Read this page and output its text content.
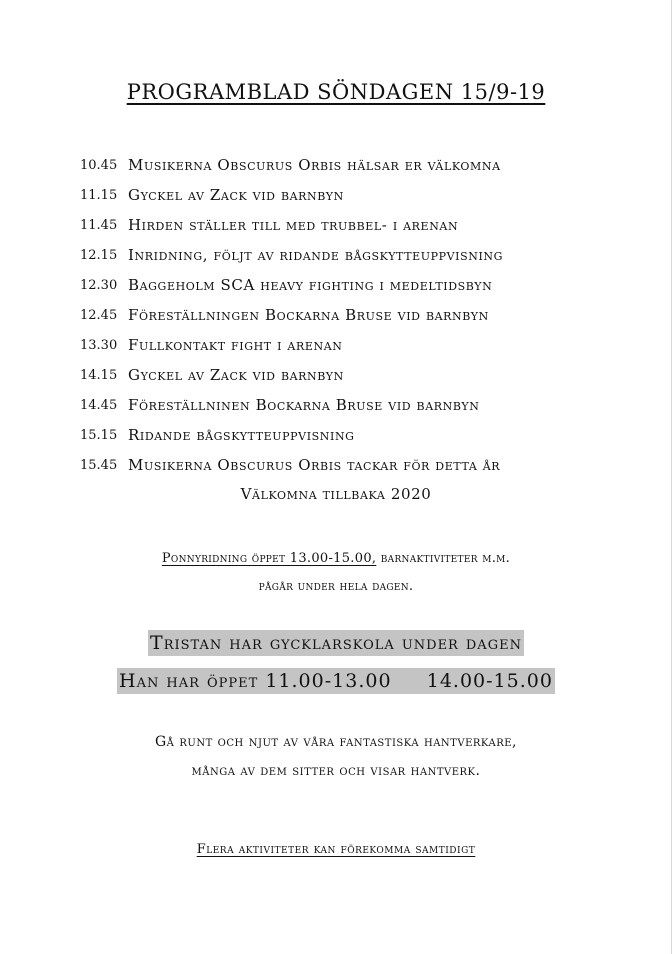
PROGRAMBLAD SÖNDAGEN 15/9-19
10.45 Musikerna Obscurus Orbis hälsar er välkomna
11.15 Gyckel av Zack vid barnbyn
11.45 Hirden ställer till med trubbel- i arenan
12.15 Inridning, följt av ridande bågskytteuppvisning
12.30 Baggeholm SCA heavy fighting i medeltidsbyn
12.45 Föreställningen Bockarna Bruse vid barnbyn
13.30 Fullkontakt fight i arenan
14.15 Gyckel av Zack vid barnbyn
14.45 Föreställninen Bockarna Bruse vid barnbyn
15.15 Ridande bågskytteuppvisning
15.45 Musikerna Obscurus Orbis tackar för detta år
Välkomna tillbaka 2020
Ponnyridning öppet 13.00-15.00, barnaktiviteter m.m.
pågår under hela dagen.
Tristan har gycklarskola under dagen
Han har öppet 11.00-13.00     14.00-15.00
Gå runt och njut av våra fantastiska hantverkare,
många av dem sitter och visar hantverk.
Flera aktiviteter kan förekomma samtidigt
